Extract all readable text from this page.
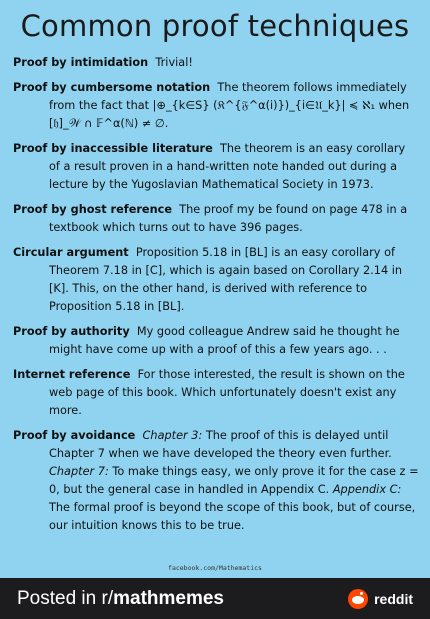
Common proof techniques
Proof by intimidation Trivial!
Proof by cumbersome notation The theorem follows immediately from the fact that |⊕_{k∈S} (𝔎^{𝔉^α(i)})_{i∈𝔘_k}| ≼ ℵ₁ when [𝔥]_𝒲 ∩ 𝔽^α(ℕ) ≠ ∅.
Proof by inaccessible literature The theorem is an easy corollary of a result proven in a hand-written note handed out during a lecture by the Yugoslavian Mathematical Society in 1973.
Proof by ghost reference The proof my be found on page 478 in a textbook which turns out to have 396 pages.
Circular argument Proposition 5.18 in [BL] is an easy corollary of Theorem 7.18 in [C], which is again based on Corollary 2.14 in [K]. This, on the other hand, is derived with reference to Proposition 5.18 in [BL].
Proof by authority My good colleague Andrew said he thought he might have come up with a proof of this a few years ago. . .
Internet reference For those interested, the result is shown on the web page of this book. Which unfortunately doesn't exist any more.
Proof by avoidance Chapter 3: The proof of this is delayed until Chapter 7 when we have developed the theory even further. Chapter 7: To make things easy, we only prove it for the case z = 0, but the general case in handled in Appendix C. Appendix C: The formal proof is beyond the scope of this book, but of course, our intuition knows this to be true.
facebook.com/Mathematics
Posted in r/mathmemes	reddit
